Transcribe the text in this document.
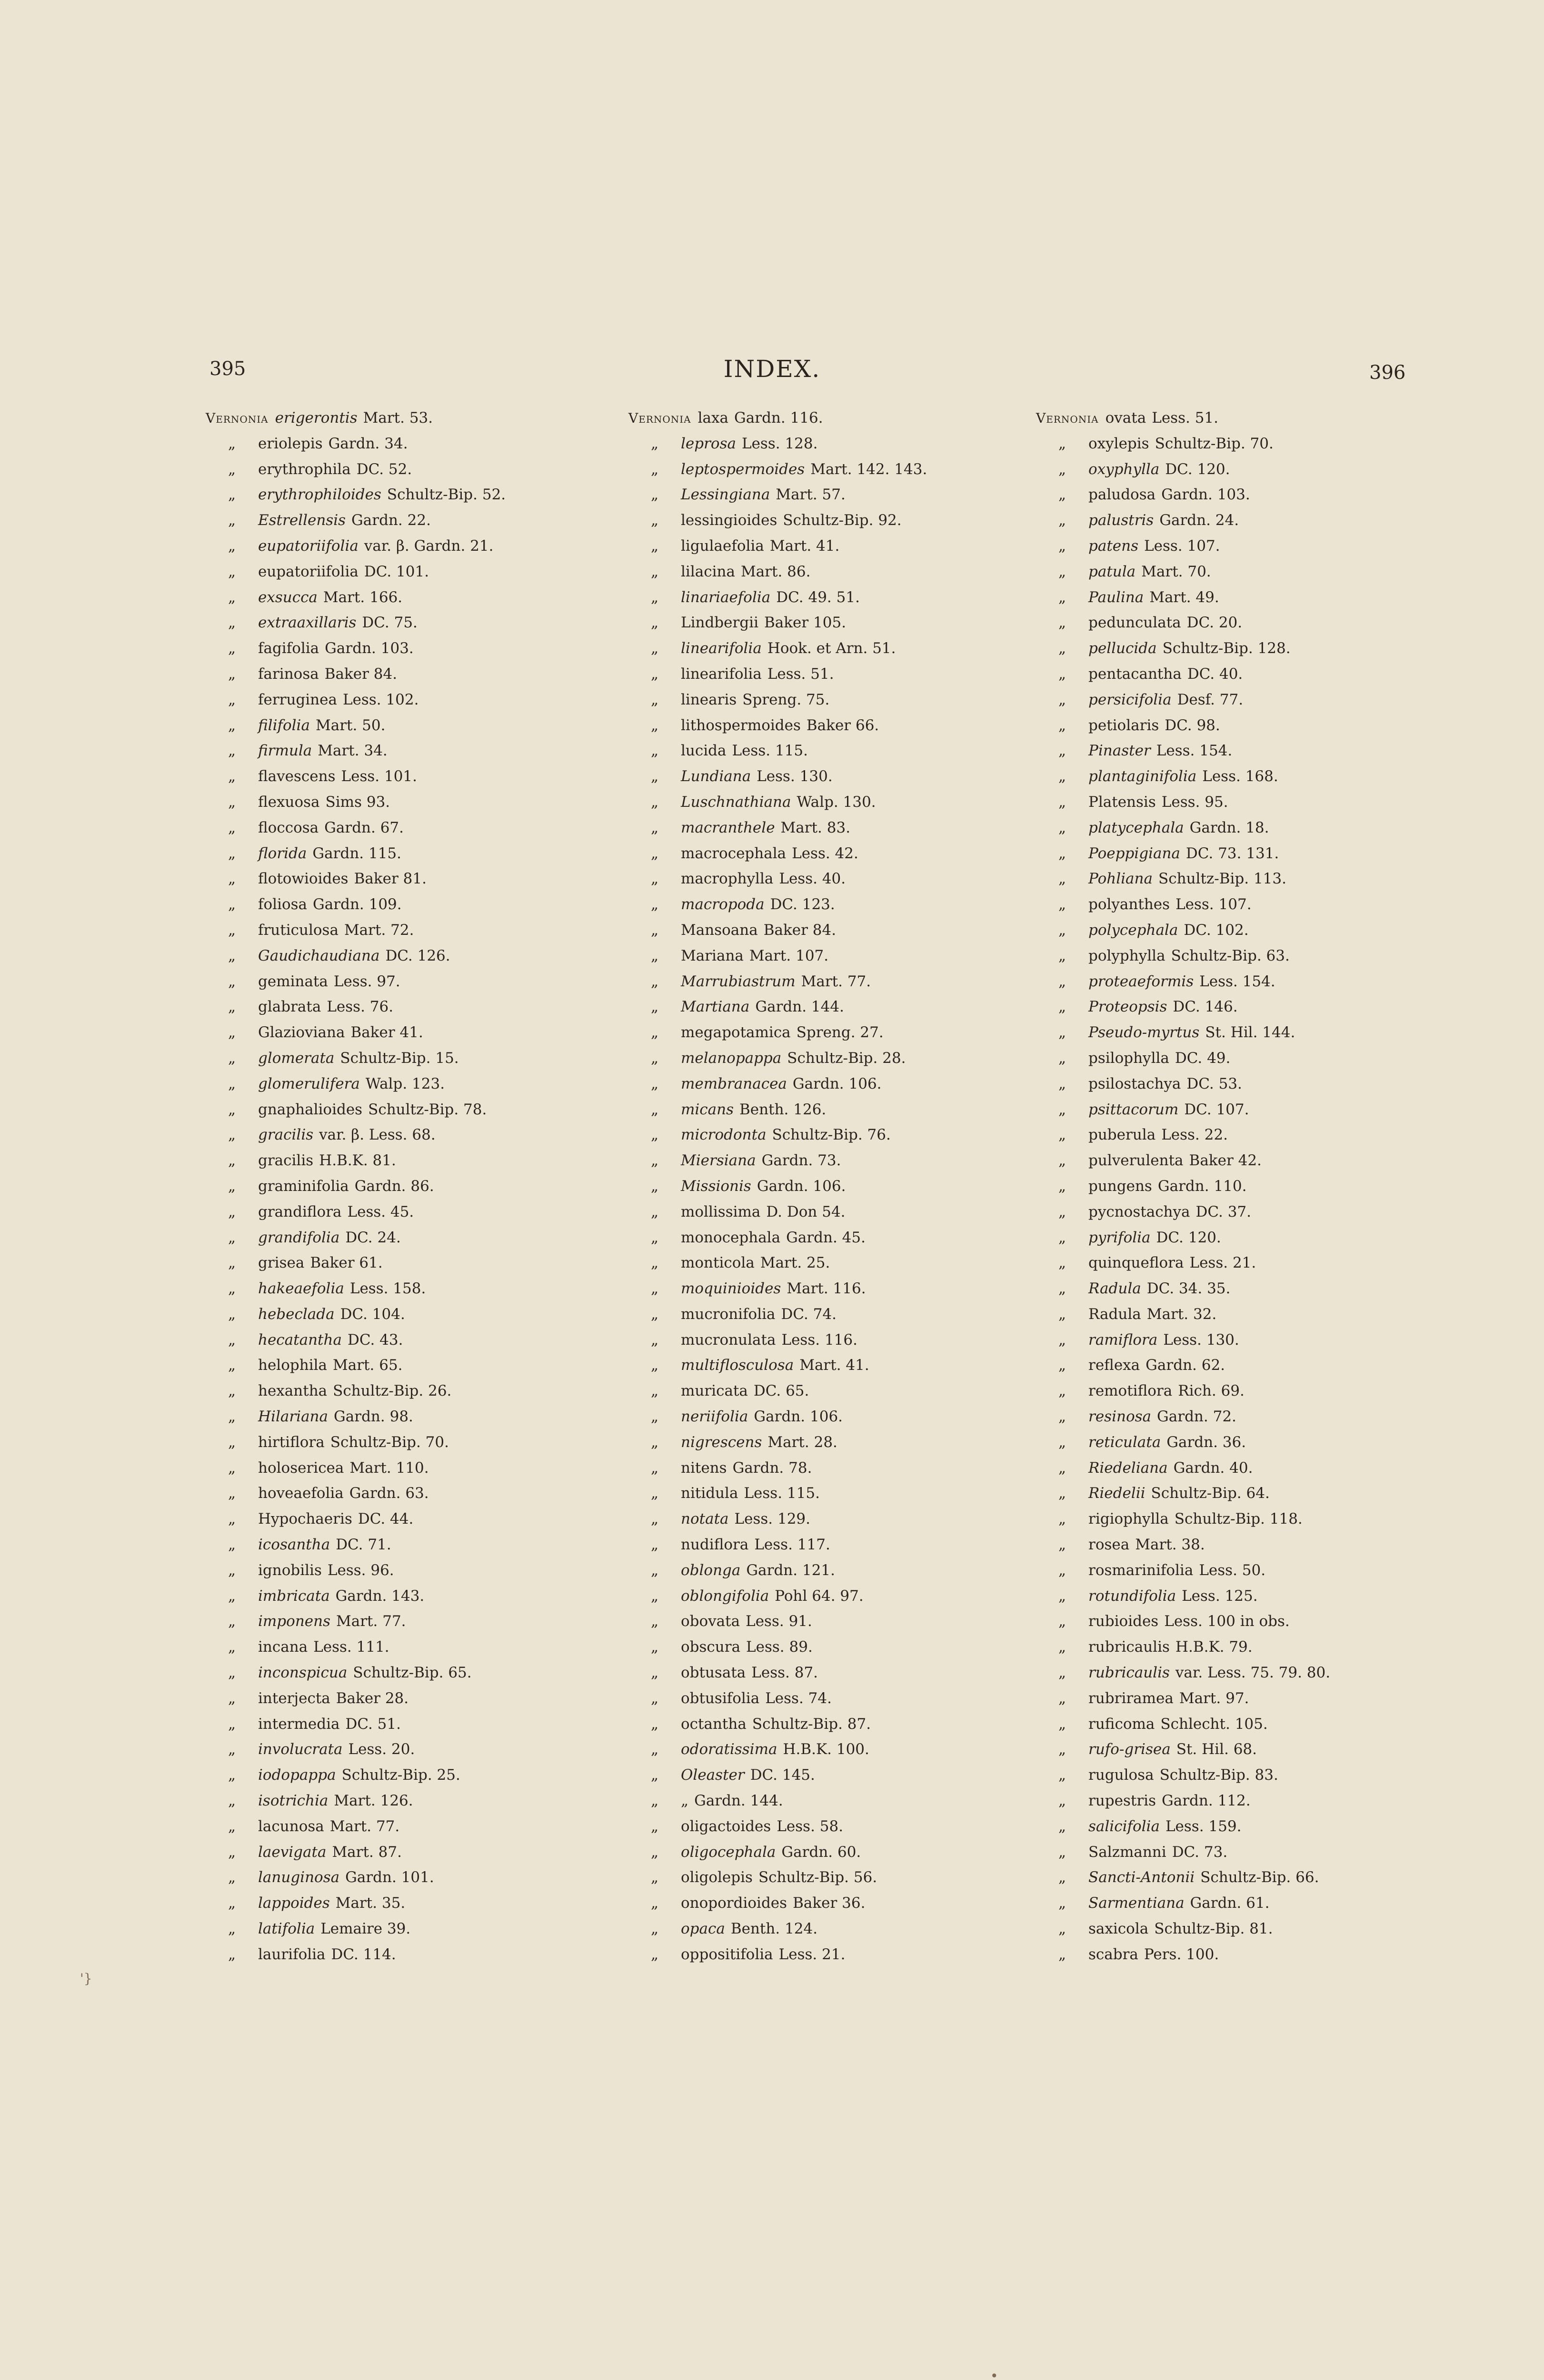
395	INDEX.	396
Vernonia erigerontis Mart. 53.
„ eriolepis Gardn. 34.
„ erythrophila DC. 52.
„ erythrophiloides Schultz-Bip. 52.
„ Estrellensis Gardn. 22.
„ eupatoriifolia var. β. Gardn. 21.
„ eupatoriifolia DC. 101.
„ exsucca Mart. 166.
„ extraaxillaris DC. 75.
„ fagifolia Gardn. 103.
„ farinosa Baker 84.
„ ferruginea Less. 102.
„ filifolia Mart. 50.
„ firmula Mart. 34.
„ flavescens Less. 101.
„ flexuosa Sims 93.
„ floccosa Gardn. 67.
„ florida Gardn. 115.
„ flotowioides Baker 81.
„ foliosa Gardn. 109.
„ fruticulosa Mart. 72.
„ Gaudichaudiana DC. 126.
„ geminata Less. 97.
„ glabrata Less. 76.
„ Glazioviana Baker 41.
„ glomerata Schultz-Bip. 15.
„ glomerulifera Walp. 123.
„ gnaphalioides Schultz-Bip. 78.
„ gracilis var. β. Less. 68.
„ gracilis H.B.K. 81.
„ graminifolia Gardn. 86.
„ grandiflora Less. 45.
„ grandifolia DC. 24.
„ grisea Baker 61.
„ hakeaefolia Less. 158.
„ hebeclada DC. 104.
„ hecatantha DC. 43.
„ helophila Mart. 65.
„ hexantha Schultz-Bip. 26.
„ Hilariana Gardn. 98.
„ hirtiflora Schultz-Bip. 70.
„ holosericea Mart. 110.
„ hoveaefolia Gardn. 63.
„ Hypochaeris DC. 44.
„ icosantha DC. 71.
„ ignobilis Less. 96.
„ imbricata Gardn. 143.
„ imponens Mart. 77.
„ incana Less. 111.
„ inconspicua Schultz-Bip. 65.
„ interjecta Baker 28.
„ intermedia DC. 51.
„ involucrata Less. 20.
„ iodopappa Schultz-Bip. 25.
„ isotrichia Mart. 126.
„ lacunosa Mart. 77.
„ laevigata Mart. 87.
„ lanuginosa Gardn. 101.
„ lappoides Mart. 35.
„ latifolia Lemaire 39.
„ laurifolia DC. 114.
Vernonia laxa Gardn. 116.
„ leprosa Less. 128.
„ leptospermoides Mart. 142. 143.
„ Lessingiana Mart. 57.
„ lessingioides Schultz-Bip. 92.
„ ligulaefolia Mart. 41.
„ lilacina Mart. 86.
„ linariaefolia DC. 49. 51.
„ Lindbergii Baker 105.
„ linearifolia Hook. et Arn. 51.
„ linearifolia Less. 51.
„ linearis Spreng. 75.
„ lithospermoides Baker 66.
„ lucida Less. 115.
„ Lundiana Less. 130.
„ Luschnathiana Walp. 130.
„ macranthele Mart. 83.
„ macrocephala Less. 42.
„ macrophylla Less. 40.
„ macropoda DC. 123.
„ Mansoana Baker 84.
„ Mariana Mart. 107.
„ Marrubiastrum Mart. 77.
„ Martiana Gardn. 144.
„ megapotamica Spreng. 27.
„ melanopappa Schultz-Bip. 28.
„ membranacea Gardn. 106.
„ micans Benth. 126.
„ microdonta Schultz-Bip. 76.
„ Miersiana Gardn. 73.
„ Missionis Gardn. 106.
„ mollissima D. Don 54.
„ monocephala Gardn. 45.
„ monticola Mart. 25.
„ moquinioides Mart. 116.
„ mucronifolia DC. 74.
„ mucronulata Less. 116.
„ multiflosculosa Mart. 41.
„ muricata DC. 65.
„ neriifolia Gardn. 106.
„ nigrescens Mart. 28.
„ nitens Gardn. 78.
„ nitidula Less. 115.
„ notata Less. 129.
„ nudiflora Less. 117.
„ oblonga Gardn. 121.
„ oblongifolia Pohl 64. 97.
„ obovata Less. 91.
„ obscura Less. 89.
„ obtusata Less. 87.
„ obtusifolia Less. 74.
„ octantha Schultz-Bip. 87.
„ odoratissima H.B.K. 100.
„ Oleaster DC. 145.
„ „ Gardn. 144.
„ oligactoides Less. 58.
„ oligocephala Gardn. 60.
„ oligolepis Schultz-Bip. 56.
„ onopordioides Baker 36.
„ opaca Benth. 124.
„ oppositifolia Less. 21.
Vernonia ovata Less. 51.
„ oxylepis Schultz-Bip. 70.
„ oxyphylla DC. 120.
„ paludosa Gardn. 103.
„ palustris Gardn. 24.
„ patens Less. 107.
„ patula Mart. 70.
„ Paulina Mart. 49.
„ pedunculata DC. 20.
„ pellucida Schultz-Bip. 128.
„ pentacantha DC. 40.
„ persicifolia Desf. 77.
„ petiolaris DC. 98.
„ Pinaster Less. 154.
„ plantaginifolia Less. 168.
„ Platensis Less. 95.
„ platycephala Gardn. 18.
„ Poeppigiana DC. 73. 131.
„ Pohliana Schultz-Bip. 113.
„ polyanthes Less. 107.
„ polycephala DC. 102.
„ polyphylla Schultz-Bip. 63.
„ proteaeformis Less. 154.
„ Proteopsis DC. 146.
„ Pseudo-myrtus St. Hil. 144.
„ psilophylla DC. 49.
„ psilostachya DC. 53.
„ psittacorum DC. 107.
„ puberula Less. 22.
„ pulverulenta Baker 42.
„ pungens Gardn. 110.
„ pycnostachya DC. 37.
„ pyrifolia DC. 120.
„ quinqueflora Less. 21.
„ Radula DC. 34. 35.
„ Radula Mart. 32.
„ ramiflora Less. 130.
„ reflexa Gardn. 62.
„ remotiflora Rich. 69.
„ resinosa Gardn. 72.
„ reticulata Gardn. 36.
„ Riedeliana Gardn. 40.
„ Riedelii Schultz-Bip. 64.
„ rigiophylla Schultz-Bip. 118.
„ rosea Mart. 38.
„ rosmarinifolia Less. 50.
„ rotundifolia Less. 125.
„ rubioides Less. 100 in obs.
„ rubricaulis H.B.K. 79.
„ rubricaulis var. Less. 75. 79. 80.
„ rubriramea Mart. 97.
„ ruficoma Schlecht. 105.
„ rufo-grisea St. Hil. 68.
„ rugulosa Schultz-Bip. 83.
„ rupestris Gardn. 112.
„ salicifolia Less. 159.
„ Salzmanni DC. 73.
„ Sancti-Antonii Schultz-Bip. 66.
„ Sarmentiana Gardn. 61.
„ saxicola Schultz-Bip. 81.
„ scabra Pers. 100.
'}
•
